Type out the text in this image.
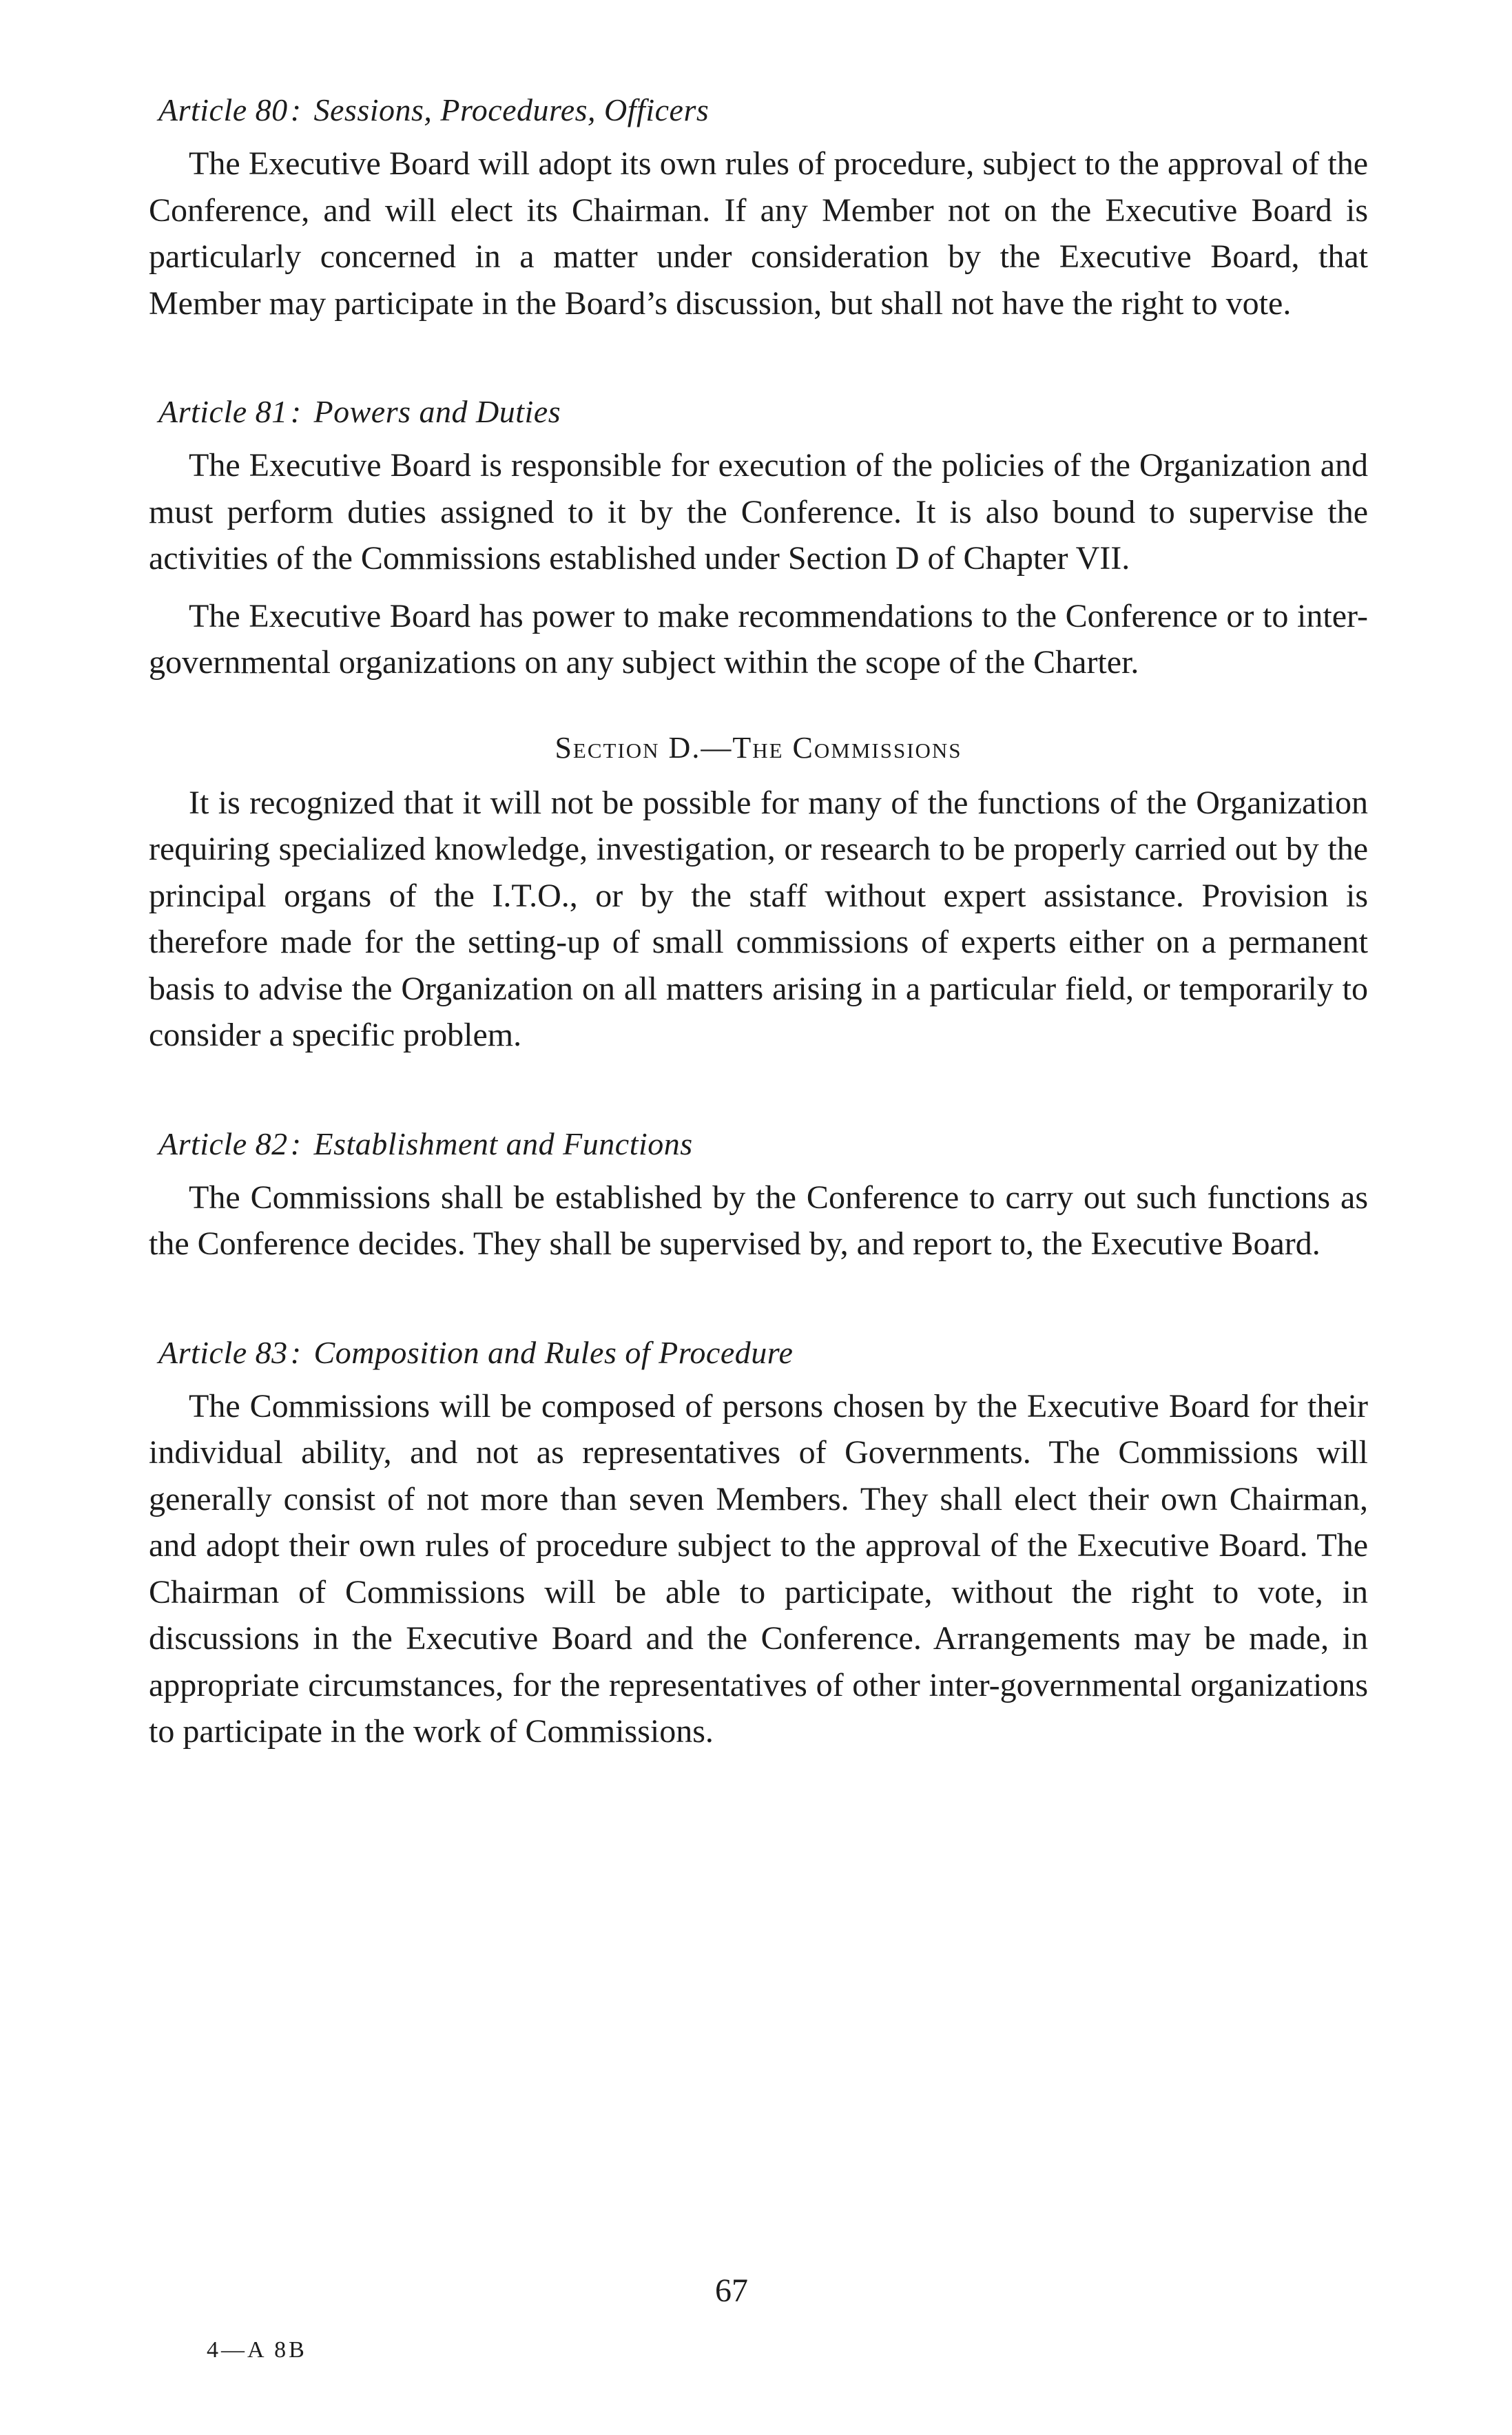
Article 80: Sessions, Procedures, Officers

The Executive Board will adopt its own rules of procedure, subject to the approval of the Conference, and will elect its Chairman. If any Member not on the Executive Board is particularly concerned in a matter under consideration by the Executive Board, that Member may participate in the Board’s discussion, but shall not have the right to vote.

Article 81: Powers and Duties

The Executive Board is responsible for execution of the policies of the Organization and must perform duties assigned to it by the Conference. It is also bound to supervise the activities of the Commissions established under Section D of Chapter VII.

The Executive Board has power to make recommendations to the Conference or to inter-governmental organizations on any subject within the scope of the Charter.

Section D.—The Commissions

It is recognized that it will not be possible for many of the functions of the Organization requiring specialized knowledge, investigation, or research to be properly carried out by the principal organs of the I.T.O., or by the staff without expert assistance. Provision is therefore made for the setting-up of small commissions of experts either on a permanent basis to advise the Organization on all matters arising in a particular field, or temporarily to consider a specific problem.

Article 82: Establishment and Functions

The Commissions shall be established by the Conference to carry out such functions as the Conference decides. They shall be supervised by, and report to, the Executive Board.

Article 83: Composition and Rules of Procedure

The Commissions will be composed of persons chosen by the Executive Board for their individual ability, and not as representatives of Governments. The Commissions will generally consist of not more than seven Members. They shall elect their own Chairman, and adopt their own rules of procedure subject to the approval of the Executive Board. The Chairman of Commissions will be able to participate, without the right to vote, in discussions in the Executive Board and the Conference. Arrangements may be made, in appropriate circumstances, for the representatives of other inter-governmental organizations to participate in the work of Commissions.

67
4—A 8B
